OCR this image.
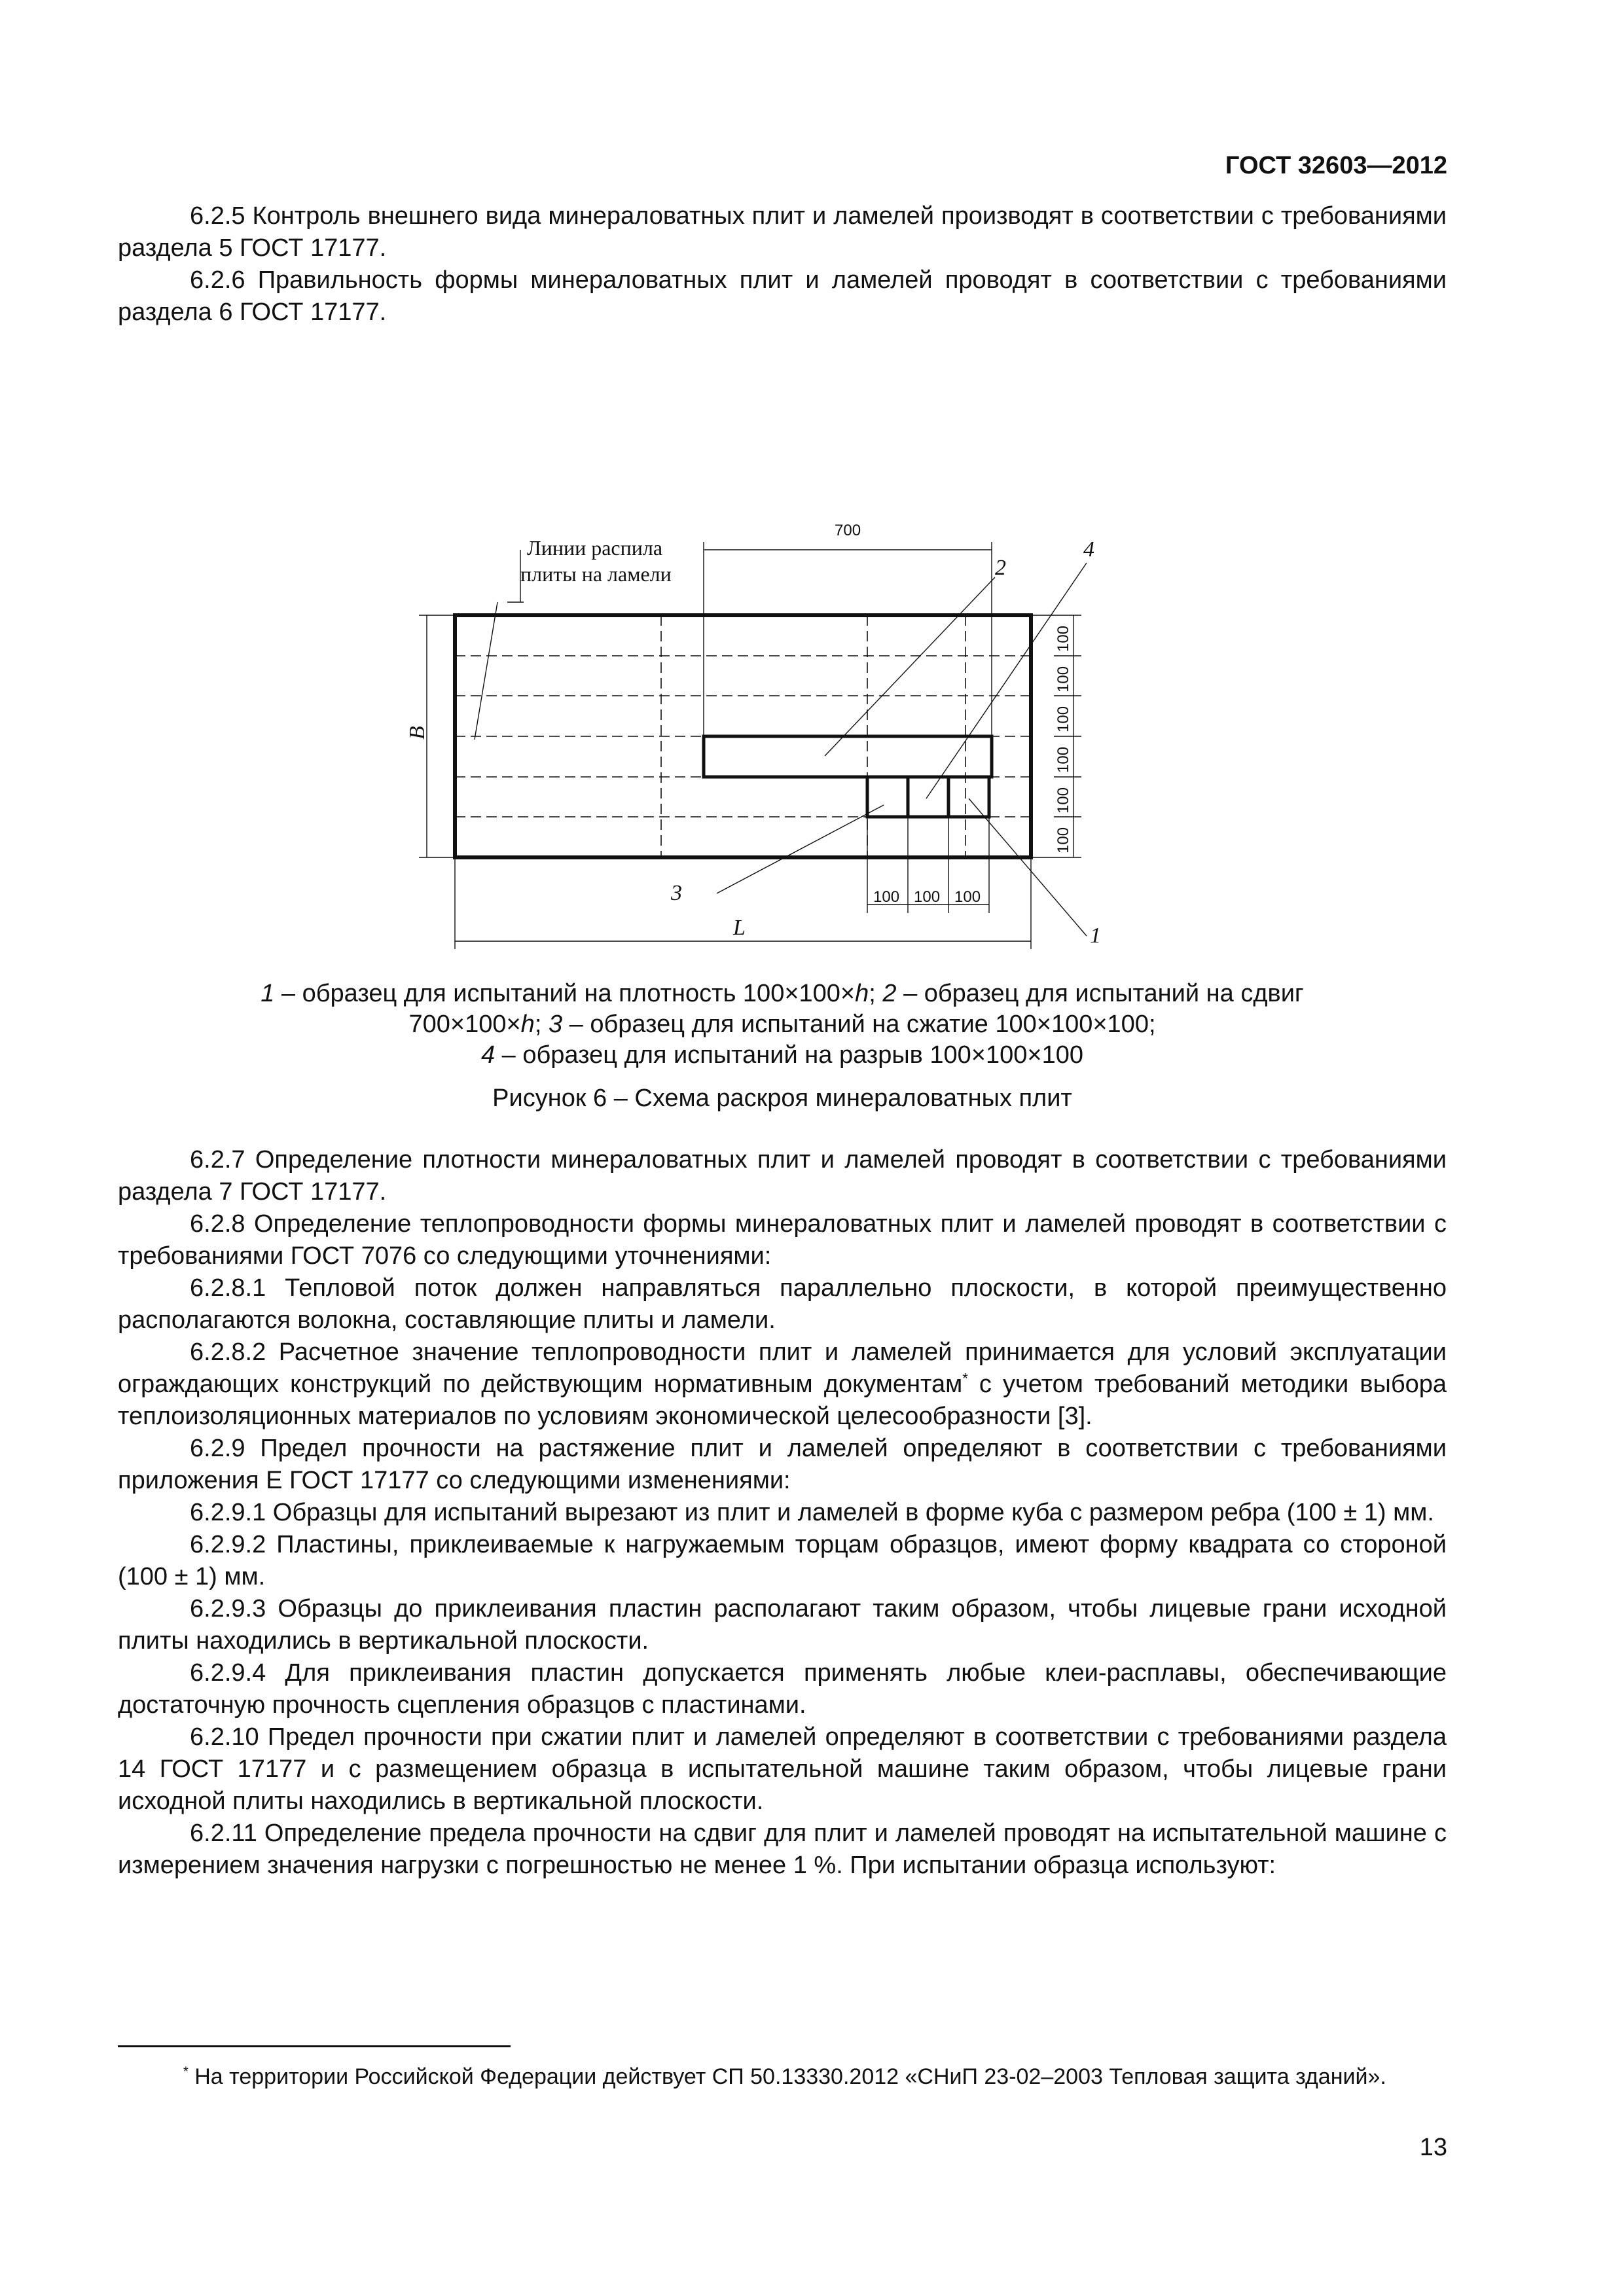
ГОСТ 32603—2012

6.2.5 Контроль внешнего вида минераловатных плит и ламелей производят в соответствии с требованиями раздела 5 ГОСТ 17177.

6.2.6 Правильность формы минераловатных плит и ламелей проводят в соответствии с требованиями раздела 6 ГОСТ 17177.

Линии распила
плиты на ламели
700
B
L	1
2
3
4
100 100 100
100
100
100
100
100
100
1 – образец для испытаний на плотность 100×100×h; 2 – образец для испытаний на сдвиг
700×100×h; 3 – образец для испытаний на сжатие 100×100×100;
4 – образец для испытаний на разрыв 100×100×100
Рисунок 6 – Схема раскроя минераловатных плит

6.2.7 Определение плотности минераловатных плит и ламелей проводят в соответствии с требованиями раздела 7 ГОСТ 17177.

6.2.8 Определение теплопроводности формы минераловатных плит и ламелей проводят в соответствии с требованиями ГОСТ 7076 со следующими уточнениями:

6.2.8.1 Тепловой поток должен направляться параллельно плоскости, в которой преимущественно располагаются волокна, составляющие плиты и ламели.

6.2.8.2 Расчетное значение теплопроводности плит и ламелей принимается для условий эксплуатации ограждающих конструкций по действующим нормативным документам* с учетом требований методики выбора теплоизоляционных материалов по условиям экономической целесообразности [3].

6.2.9 Предел прочности на растяжение плит и ламелей определяют в соответствии с требованиями приложения Е ГОСТ 17177 со следующими изменениями:

6.2.9.1 Образцы для испытаний вырезают из плит и ламелей в форме куба с размером ребра (100 ± 1) мм.

6.2.9.2 Пластины, приклеиваемые к нагружаемым торцам образцов, имеют форму квадрата со стороной (100 ± 1) мм.

6.2.9.3 Образцы до приклеивания пластин располагают таким образом, чтобы лицевые грани исходной плиты находились в вертикальной плоскости.

6.2.9.4 Для приклеивания пластин допускается применять любые клеи-расплавы, обеспечивающие достаточную прочность сцепления образцов с пластинами.

6.2.10 Предел прочности при сжатии плит и ламелей определяют в соответствии с требованиями раздела 14 ГОСТ 17177 и с размещением образца в испытательной машине таким образом, чтобы лицевые грани исходной плиты находились в вертикальной плоскости.

6.2.11 Определение предела прочности на сдвиг для плит и ламелей проводят на испытательной машине с измерением значения нагрузки с погрешностью не менее 1 %. При испытании образца используют:

* На территории Российской Федерации действует СП 50.13330.2012 «СНиП 23-02–2003 Тепловая защита зданий».
13
